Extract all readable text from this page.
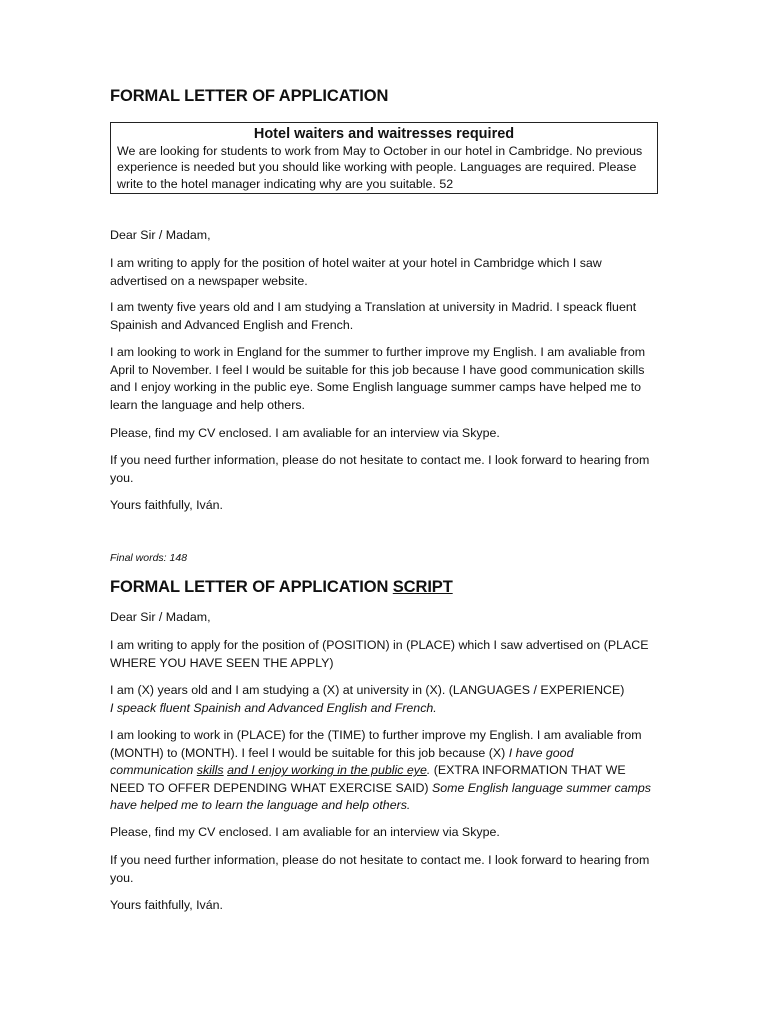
FORMAL LETTER OF APPLICATION
Hotel waiters and waitresses required
We are looking for students to work from May to October in our hotel in Cambridge. No previous experience is needed but you should like working with people. Languages are required. Please write to the hotel manager indicating why are you suitable. 52

Dear Sir / Madam,

I am writing to apply for the position of hotel waiter at your hotel in Cambridge which I saw advertised on a newspaper website.

I am twenty five years old and I am studying a Translation at university in Madrid. I speack fluent Spainish and Advanced English and French.

I am looking to work in England for the summer to further improve my English. I am avaliable from April to November. I feel I would be suitable for this job because I have good communication skills and I enjoy working in the public eye. Some English language summer camps have helped me to learn the language and help others.

Please, find my CV enclosed. I am avaliable for an interview via Skype.

If you need further information, please do not hesitate to contact me. I look forward to hearing from you.

Yours faithfully, Iván.

Final words: 148
FORMAL LETTER OF APPLICATION SCRIPT

Dear Sir / Madam,

I am writing to apply for the position of (POSITION) in (PLACE) which I saw advertised on (PLACE WHERE YOU HAVE SEEN THE APPLY)

I am (X) years old and I am studying a (X) at university in (X). (LANGUAGES / EXPERIENCE)
I speack fluent Spainish and Advanced English and French.

I am looking to work in (PLACE) for the (TIME) to further improve my English. I am avaliable from (MONTH) to (MONTH). I feel I would be suitable for this job because (X) I have good communication skills and I enjoy working in the public eye. (EXTRA INFORMATION THAT WE NEED TO OFFER DEPENDING WHAT EXERCISE SAID) Some English language summer camps have helped me to learn the language and help others.

Please, find my CV enclosed. I am avaliable for an interview via Skype.

If you need further information, please do not hesitate to contact me. I look forward to hearing from you.

Yours faithfully, Iván.
